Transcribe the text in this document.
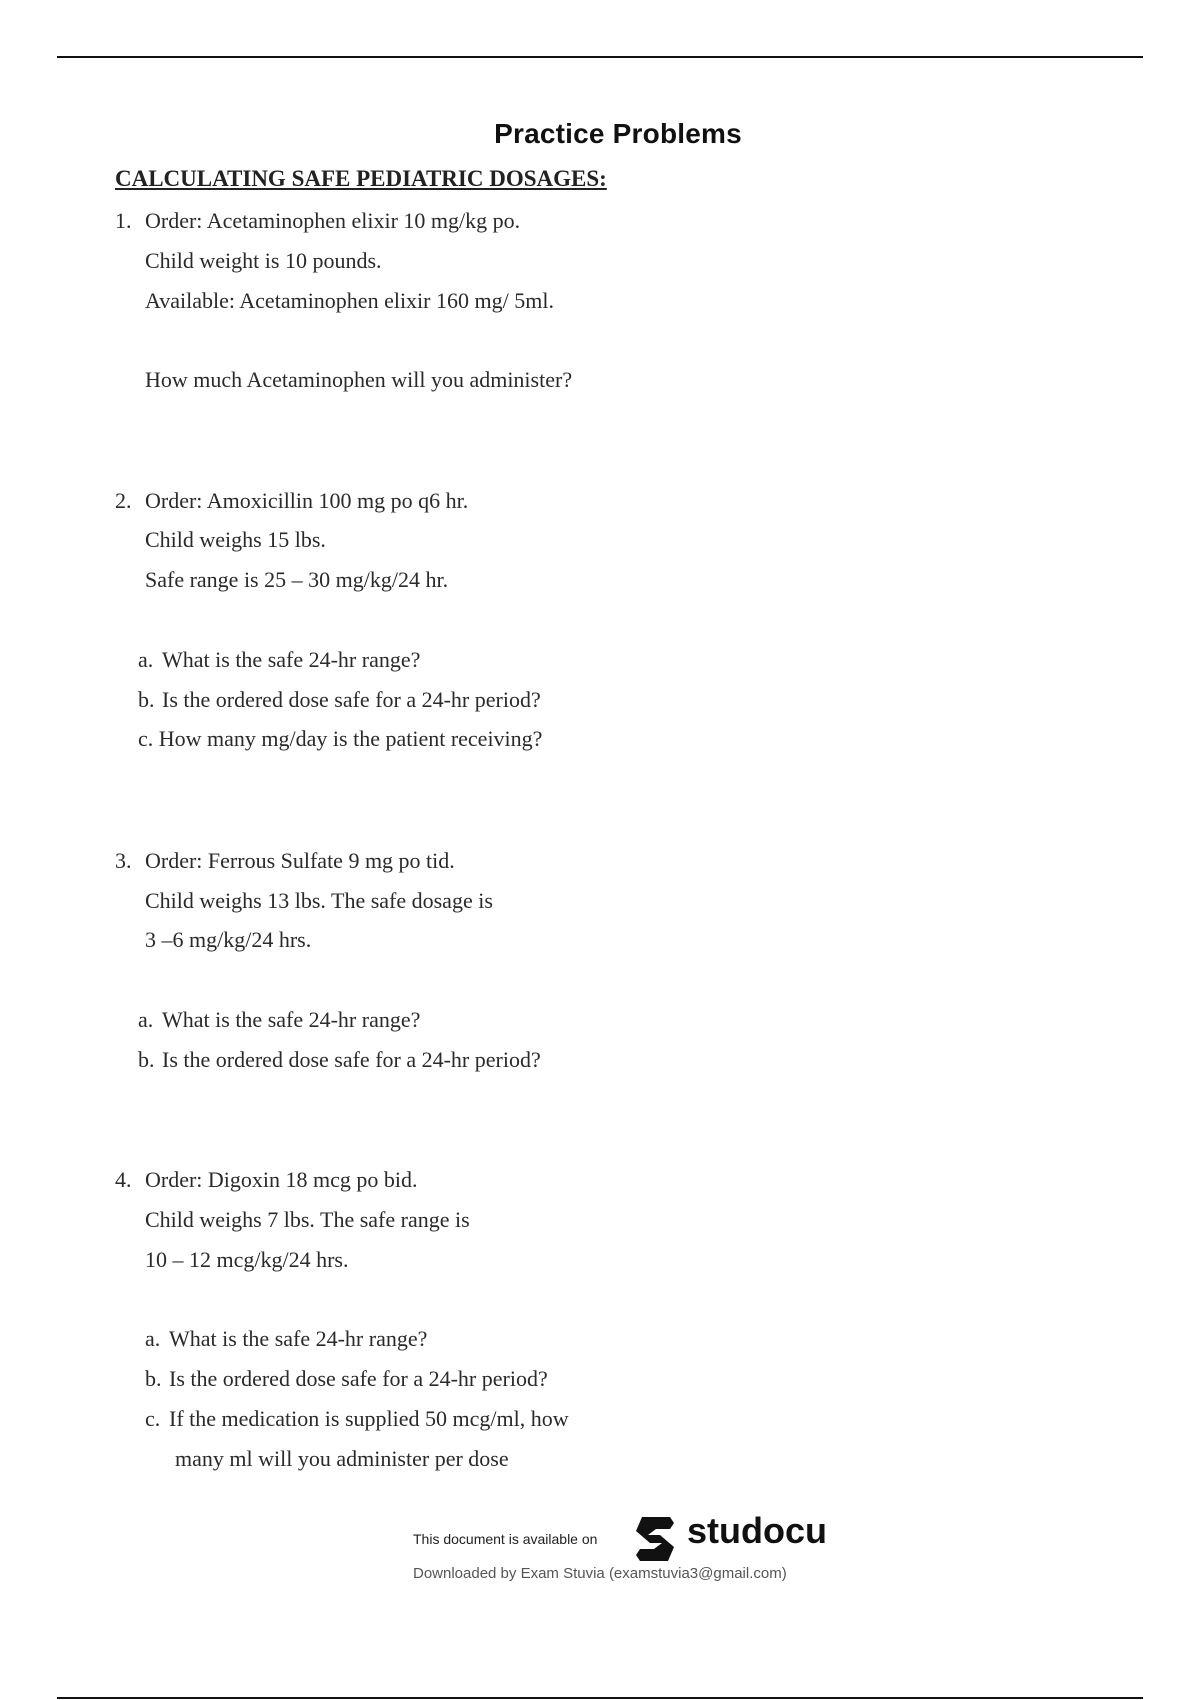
Practice Problems
CALCULATING SAFE PEDIATRIC DOSAGES:
1. Order: Acetaminophen elixir 10 mg/kg po.
Child weight is 10 pounds.
Available: Acetaminophen elixir 160 mg/ 5ml.
How much Acetaminophen will you administer?
2. Order: Amoxicillin 100 mg po q6 hr.
Child weighs 15 lbs.
Safe range is 25 – 30 mg/kg/24 hr.
a. What is the safe 24-hr range?
b. Is the ordered dose safe for a 24-hr period?
c. How many mg/day is the patient receiving?
3. Order: Ferrous Sulfate 9 mg po tid.
Child weighs 13 lbs. The safe dosage is
3 –6 mg/kg/24 hrs.
a. What is the safe 24-hr range?
b. Is the ordered dose safe for a 24-hr period?
4. Order: Digoxin 18 mcg po bid.
Child weighs 7 lbs. The safe range is
10 – 12 mcg/kg/24 hrs.
a. What is the safe 24-hr range?
b. Is the ordered dose safe for a 24-hr period?
c. If the medication is supplied 50 mcg/ml, how
many ml will you administer per dose
This document is available on studocu
Downloaded by Exam Stuvia (examstuvia3@gmail.com)
